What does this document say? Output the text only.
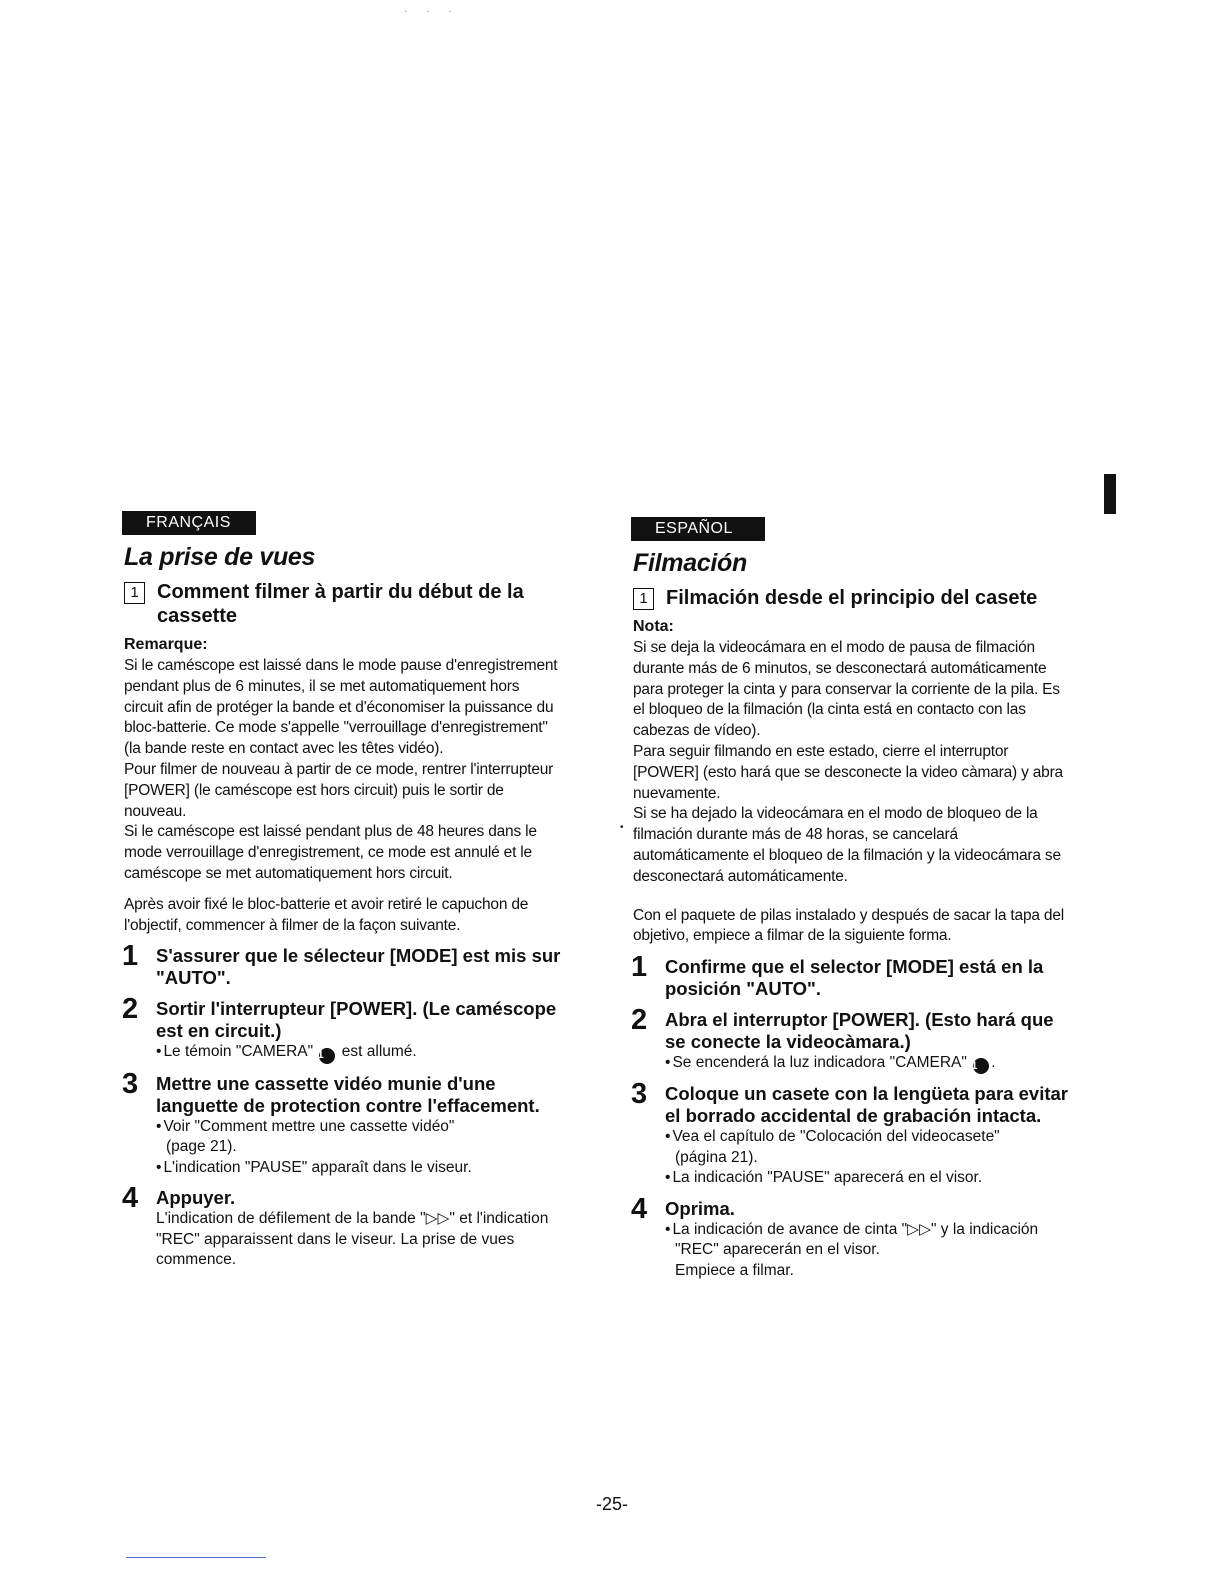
· · ·
FRANÇAIS
La prise de vues
1 Comment filmer à partir du début de la cassette
Remarque:
Si le caméscope est laissé dans le mode pause d'enregistrement pendant plus de 6 minutes, il se met automatiquement hors circuit afin de protéger la bande et d'économiser la puissance du bloc-batterie. Ce mode s'appelle "verrouillage d'enregistrement" (la bande reste en contact avec les têtes vidéo).
Pour filmer de nouveau à partir de ce mode, rentrer l'interrupteur [POWER] (le caméscope est hors circuit) puis le sortir de nouveau.
Si le caméscope est laissé pendant plus de 48 heures dans le mode verrouillage d'enregistrement, ce mode est annulé et le caméscope se met automatiquement hors circuit.
Après avoir fixé le bloc-batterie et avoir retiré le capuchon de l'objectif, commencer à filmer de la façon suivante.
1 S'assurer que le sélecteur [MODE] est mis sur "AUTO".
2 Sortir l'interrupteur [POWER]. (Le caméscope est en circuit.)
• Le témoin "CAMERA" 1 est allumé.
3 Mettre une cassette vidéo munie d'une languette de protection contre l'effacement.
• Voir "Comment mettre une cassette vidéo"
(page 21).
• L'indication "PAUSE" apparaît dans le viseur.
4 Appuyer.
L'indication de défilement de la bande "▷▷" et l'indication "REC" apparaissent dans le viseur. La prise de vues commence.
•
ESPAÑOL
Filmación
1 Filmación desde el principio del casete
Nota:
Si se deja la videocámara en el modo de pausa de filmación durante más de 6 minutos, se desconectará automáticamente para proteger la cinta y para conservar la corriente de la pila. Es el bloqueo de la filmación (la cinta está en contacto con las cabezas de vídeo).
Para seguir filmando en este estado, cierre el interruptor [POWER] (esto hará que se desconecte la video càmara) y abra nuevamente.
Si se ha dejado la videocámara en el modo de bloqueo de la filmación durante más de 48 horas, se cancelará automáticamente el bloqueo de la filmación y la videocámara se desconectará automáticamente.
Con el paquete de pilas instalado y después de sacar la tapa del objetivo, empiece a filmar de la siguiente forma.
1 Confirme que el selector [MODE] está en la posición "AUTO".
2 Abra el interruptor [POWER]. (Esto hará que se conecte la videocàmara.)
• Se encenderá la luz indicadora "CAMERA" 1 .
3 Coloque un casete con la lengüeta para evitar el borrado accidental de grabación intacta.
• Vea el capítulo de "Colocación del videocasete"
(página 21).
• La indicación "PAUSE" aparecerá en el visor.
4 Oprima.
• La indicación de avance de cinta "▷▷" y la indicación "REC" aparecerán en el visor.
Empiece a filmar.
-25-
